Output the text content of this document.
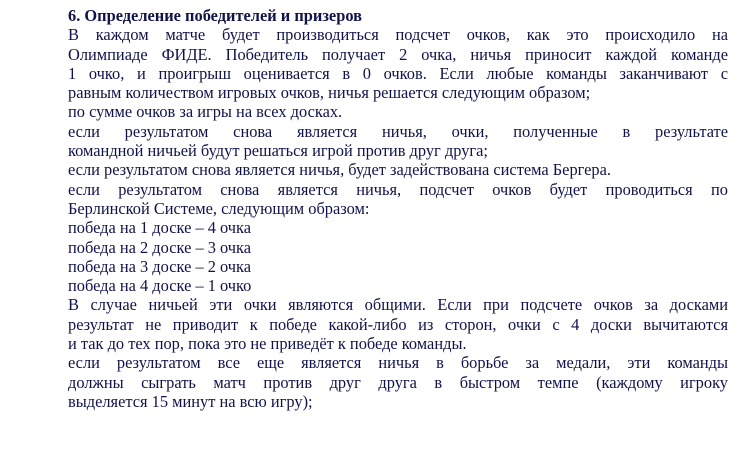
6. Определение победителей и призеров

В каждом матче будет производиться подсчет очков, как это происходило на

Олимпиаде ФИДЕ. Победитель получает 2 очка, ничья приносит каждой команде

1 очко, и проигрыш оценивается в 0 очков. Если любые команды заканчивают с

равным количеством игровых очков, ничья решается следующим образом;

по сумме очков за игры на всех досках.

если результатом снова является ничья, очки, полученные в результате

командной ничьей будут решаться игрой против друг друга;

если результатом снова является ничья, будет задействована система Бергера.

если результатом снова является ничья, подсчет очков будет проводиться по

Берлинской Системе, следующим образом:

победа на 1 доске – 4 очка

победа на 2 доске – 3 очка

победа на 3 доске – 2 очка

победа на 4 доске – 1 очко

В случае ничьей эти очки являются общими. Если при подсчете очков за досками

результат не приводит к победе какой-либо из сторон, очки с 4 доски вычитаются

и так до тех пор, пока это не приведёт к победе команды.

если результатом все еще является ничья в борьбе за медали, эти команды

должны сыграть матч против друг друга в быстром темпе (каждому игроку

выделяется 15 минут на всю игру);
